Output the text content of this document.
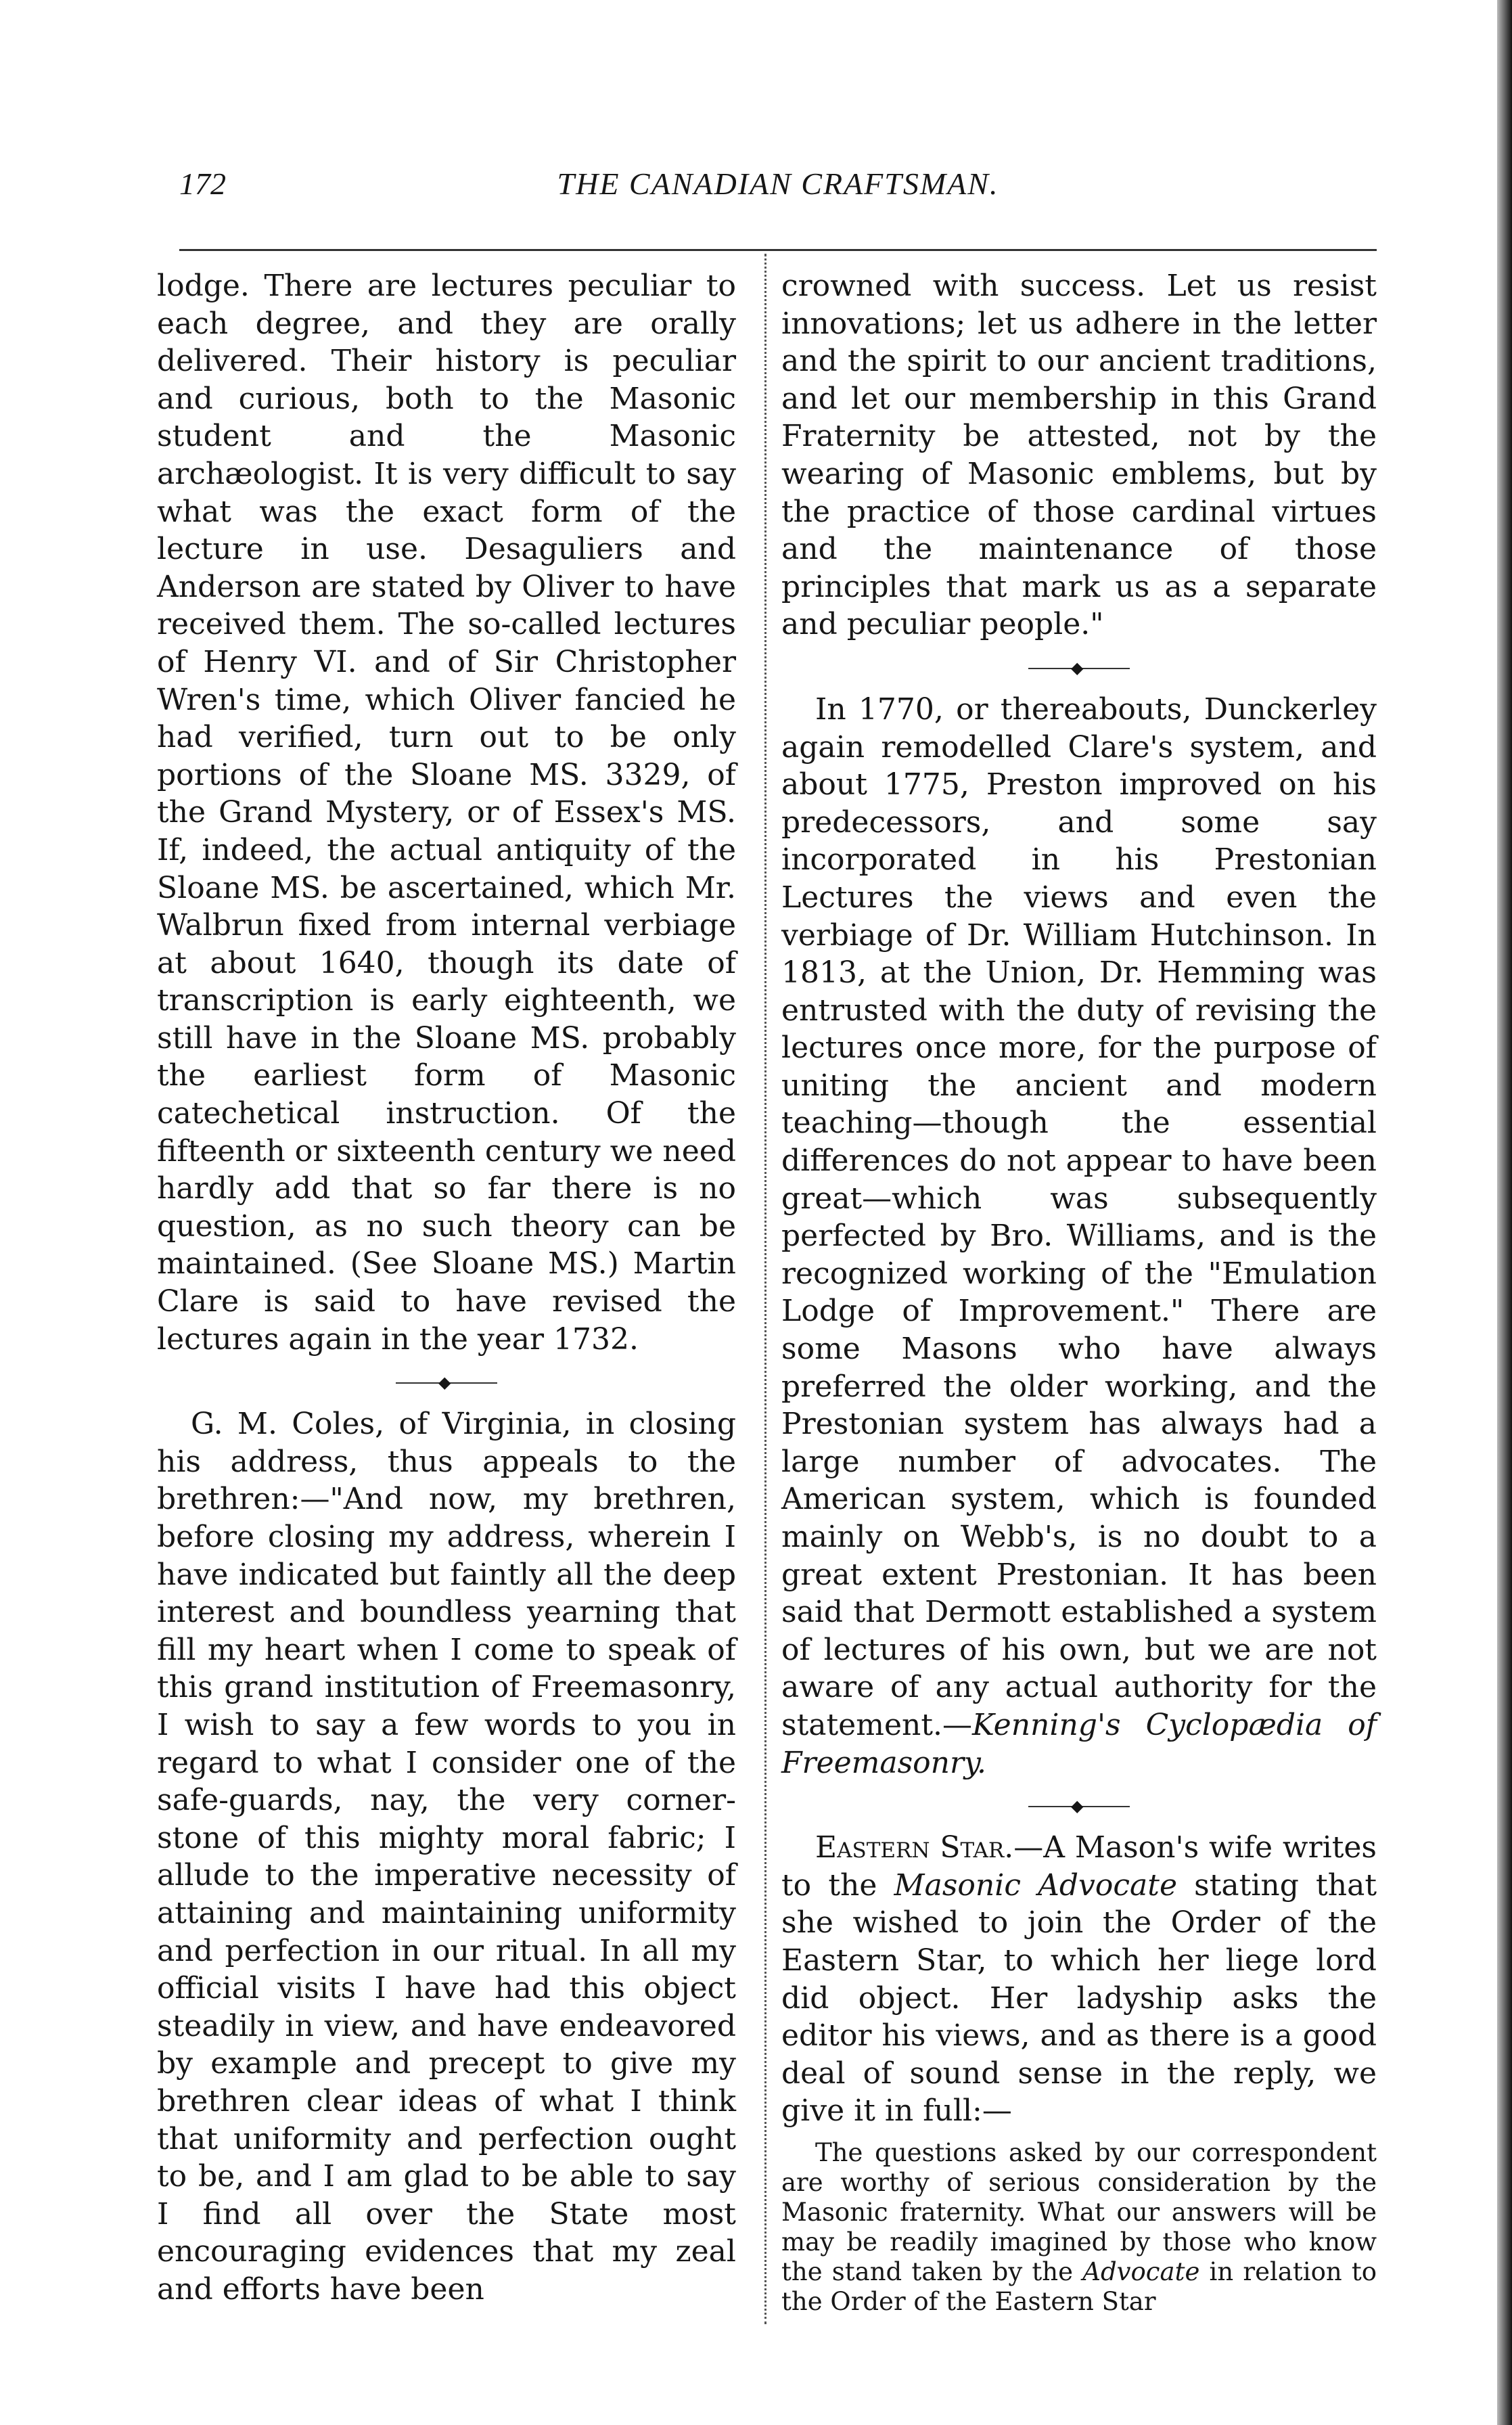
172	THE CANADIAN CRAFTSMAN.

lodge. There are lectures peculiar to each degree, and they are orally delivered. Their history is peculiar and curious, both to the Masonic student and the Masonic archæologist. It is very difficult to say what was the exact form of the lecture in use. Desaguliers and Anderson are stated by Oliver to have received them. The so-called lectures of Henry VI. and of Sir Christopher Wren's time, which Oliver fancied he had verified, turn out to be only portions of the Sloane MS. 3329, of the Grand Mystery, or of Essex's MS. If, indeed, the actual antiquity of the Sloane MS. be ascertained, which Mr. Walbrun fixed from internal verbiage at about 1640, though its date of transcription is early eighteenth, we still have in the Sloane MS. probably the earliest form of Masonic catechetical instruction. Of the fifteenth or sixteenth century we need hardly add that so far there is no question, as no such theory can be maintained. (See Sloane MS.) Martin Clare is said to have revised the lectures again in the year 1732.

◆

G. M. Coles, of Virginia, in closing his address, thus appeals to the brethren:—"And now, my brethren, before closing my address, wherein I have indicated but faintly all the deep interest and boundless yearning that fill my heart when I come to speak of this grand institution of Freemasonry, I wish to say a few words to you in regard to what I consider one of the safe-guards, nay, the very corner-stone of this mighty moral fabric; I allude to the imperative necessity of attaining and maintaining uniformity and perfection in our ritual. In all my official visits I have had this object steadily in view, and have endeavored by example and precept to give my brethren clear ideas of what I think that uniformity and perfection ought to be, and I am glad to be able to say I find all over the State most encouraging evidences that my zeal and efforts have been

crowned with success. Let us resist innovations; let us adhere in the letter and the spirit to our ancient traditions, and let our membership in this Grand Fraternity be attested, not by the wearing of Masonic emblems, but by the practice of those cardinal virtues and the maintenance of those principles that mark us as a separate and peculiar people."

◆

In 1770, or thereabouts, Dunckerley again remodelled Clare's system, and about 1775, Preston improved on his predecessors, and some say incorporated in his Prestonian Lectures the views and even the verbiage of Dr. William Hutchinson. In 1813, at the Union, Dr. Hemming was entrusted with the duty of revising the lectures once more, for the purpose of uniting the ancient and modern teaching—though the essential differences do not appear to have been great—which was subsequently perfected by Bro. Williams, and is the recognized working of the "Emulation Lodge of Improvement." There are some Masons who have always preferred the older working, and the Prestonian system has always had a large number of advocates. The American system, which is founded mainly on Webb's, is no doubt to a great extent Prestonian. It has been said that Dermott established a system of lectures of his own, but we are not aware of any actual authority for the statement.—Kenning's Cyclopædia of Freemasonry.

◆

Eastern Star.—A Mason's wife writes to the Masonic Advocate stating that she wished to join the Order of the Eastern Star, to which her liege lord did object. Her ladyship asks the editor his views, and as there is a good deal of sound sense in the reply, we give it in full:—

The questions asked by our correspondent are worthy of serious consideration by the Masonic fraternity. What our answers will be may be readily imagined by those who know the stand taken by the Advocate in relation to the Order of the Eastern Star
